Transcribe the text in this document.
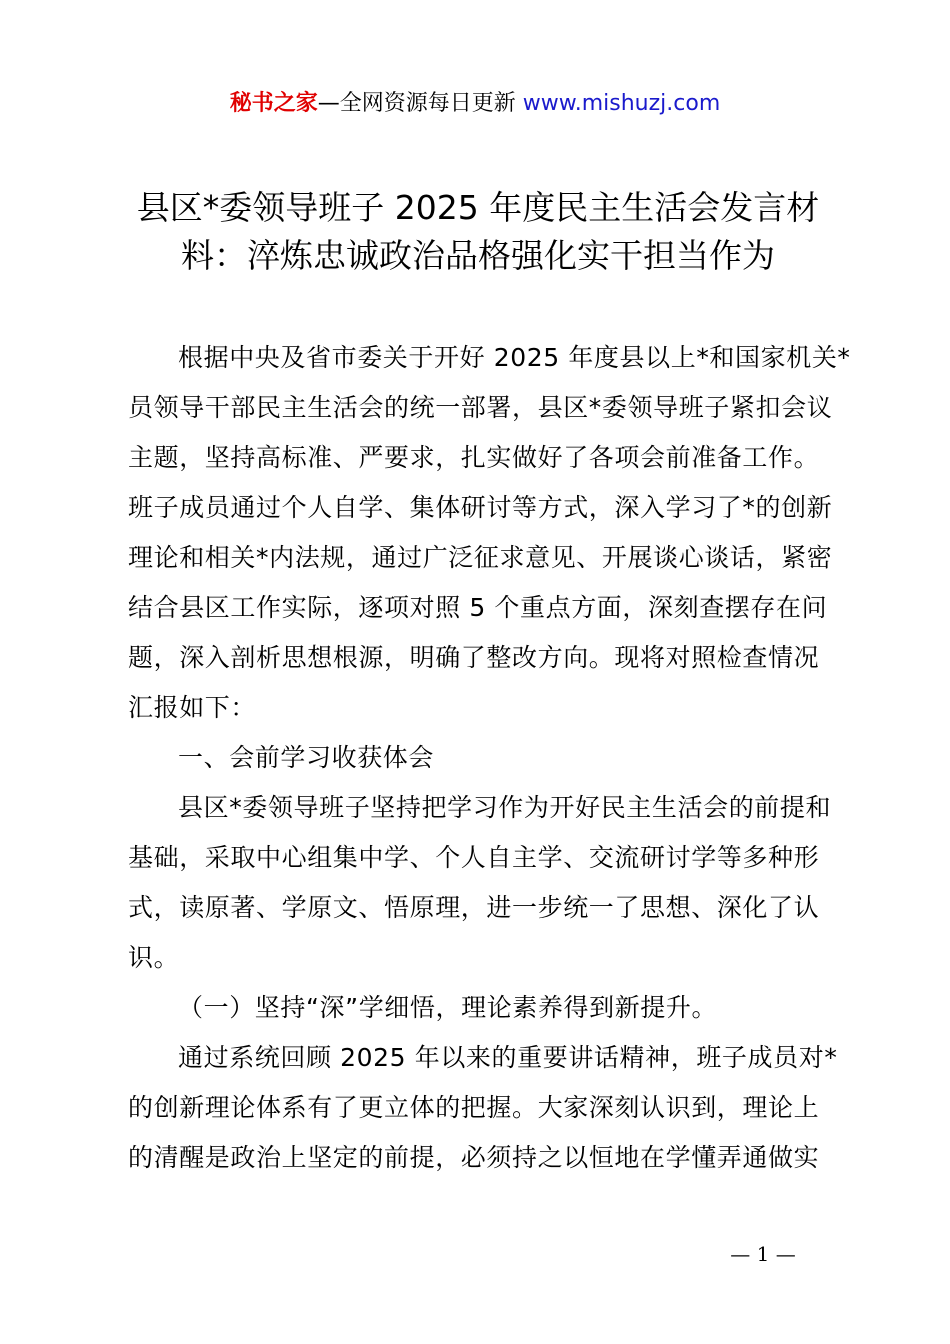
秘书之家—全网资源每日更新 www.mishuzj.com
县区*委领导班子 2025 年度民主生活会发言材
料：淬炼忠诚政治品格强化实干担当作为
根据中央及省市委关于开好 2025 年度县以上*和国家机关*
员领导干部民主生活会的统一部署，县区*委领导班子紧扣会议
主题，坚持高标准、严要求，扎实做好了各项会前准备工作。
班子成员通过个人自学、集体研讨等方式，深入学习了*的创新
理论和相关*内法规，通过广泛征求意见、开展谈心谈话，紧密
结合县区工作实际，逐项对照 5 个重点方面，深刻查摆存在问
题，深入剖析思想根源，明确了整改方向。现将对照检查情况
汇报如下：
一、会前学习收获体会
县区*委领导班子坚持把学习作为开好民主生活会的前提和
基础，采取中心组集中学、个人自主学、交流研讨学等多种形
式，读原著、学原文、悟原理，进一步统一了思想、深化了认
识。
（一）坚持“深”学细悟，理论素养得到新提升。
通过系统回顾 2025 年以来的重要讲话精神，班子成员对*
的创新理论体系有了更立体的把握。大家深刻认识到，理论上
的清醒是政治上坚定的前提，必须持之以恒地在学懂弄通做实
— 1 —
